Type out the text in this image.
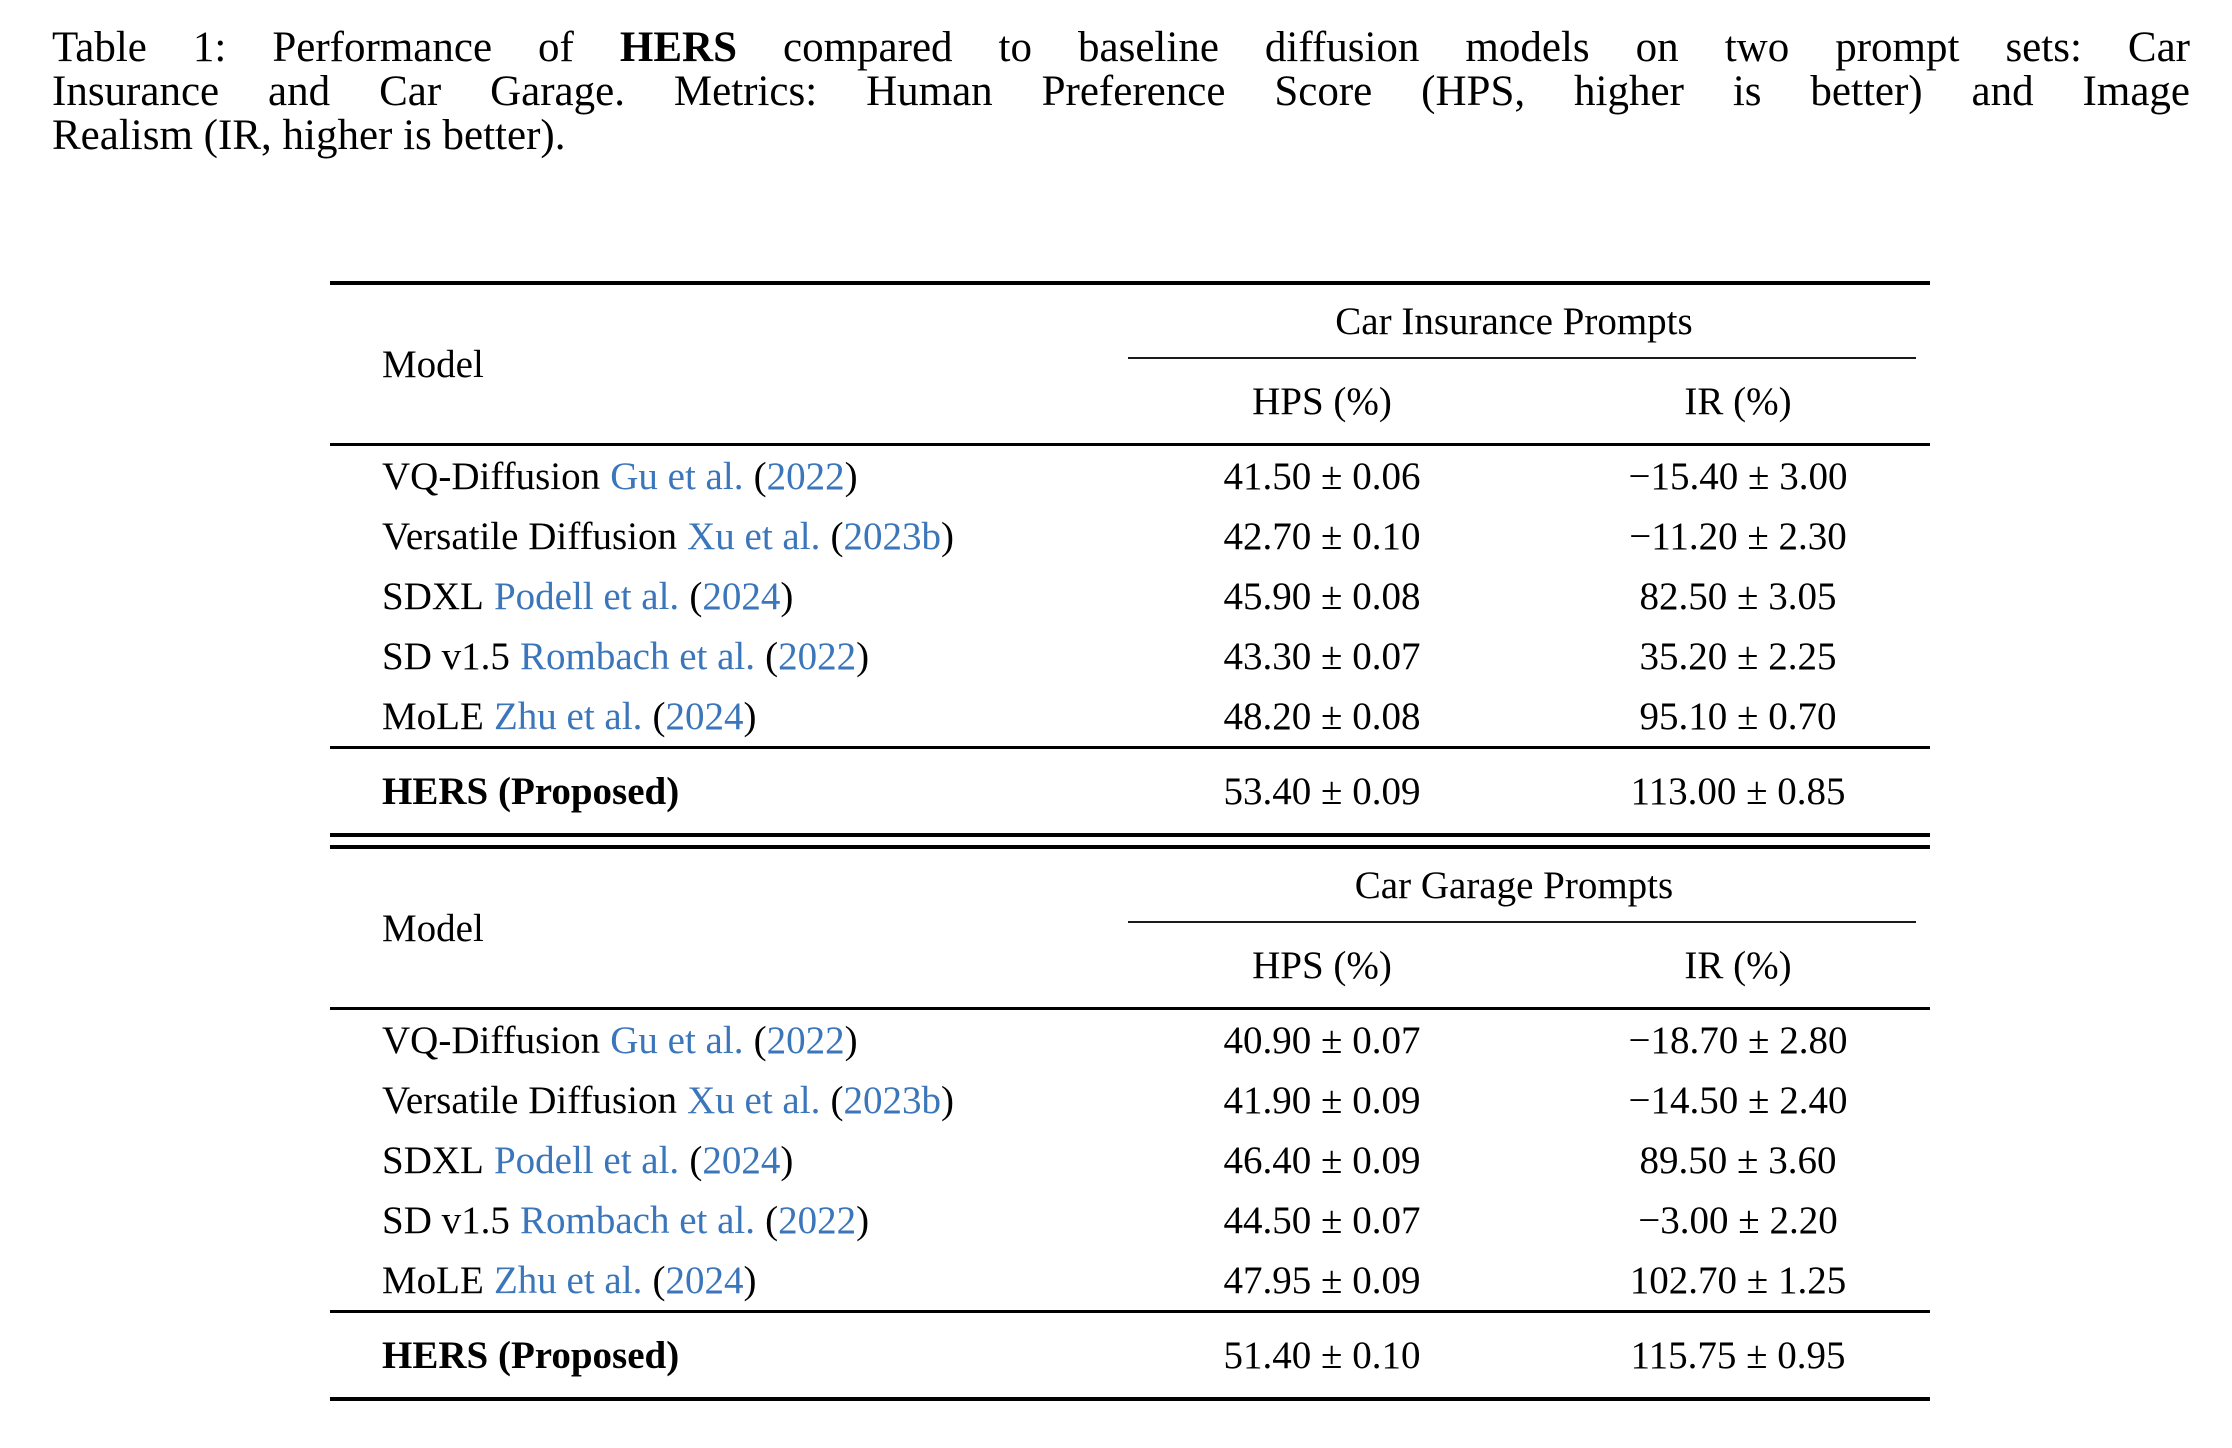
Table 1: Performance of HERS compared to baseline diffusion models on two prompt sets: Car
Insurance and Car Garage. Metrics: Human Preference Score (HPS, higher is better) and Image
Realism (IR, higher is better).

Model
Car Insurance Prompts
HPS (%)	IR (%)
VQ-Diffusion Gu et al. (2022)	41.50 ± 0.06	−15.40 ± 3.00
Versatile Diffusion Xu et al. (2023b)	42.70 ± 0.10	−11.20 ± 2.30
SDXL Podell et al. (2024)	45.90 ± 0.08	82.50 ± 3.05
SD v1.5 Rombach et al. (2022)	43.30 ± 0.07	35.20 ± 2.25
MoLE Zhu et al. (2024)	48.20 ± 0.08	95.10 ± 0.70
HERS (Proposed)	53.40 ± 0.09	113.00 ± 0.85
Model
Car Garage Prompts
HPS (%)	IR (%)
VQ-Diffusion Gu et al. (2022)	40.90 ± 0.07	−18.70 ± 2.80
Versatile Diffusion Xu et al. (2023b)	41.90 ± 0.09	−14.50 ± 2.40
SDXL Podell et al. (2024)	46.40 ± 0.09	89.50 ± 3.60
SD v1.5 Rombach et al. (2022)	44.50 ± 0.07	−3.00 ± 2.20
MoLE Zhu et al. (2024)	47.95 ± 0.09	102.70 ± 1.25
HERS (Proposed)	51.40 ± 0.10	115.75 ± 0.95
